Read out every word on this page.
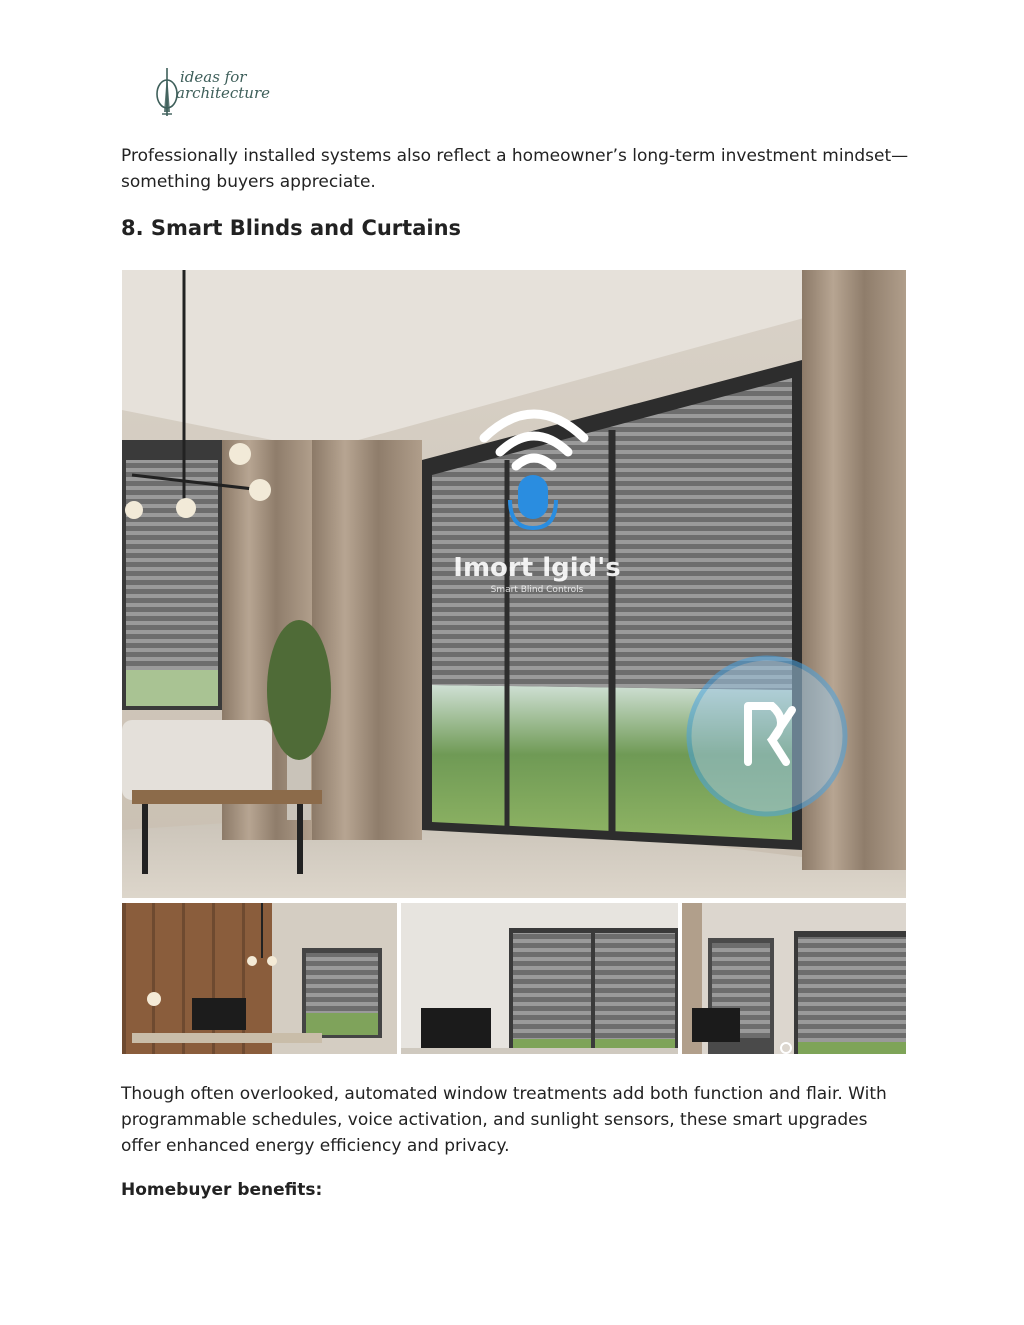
ideas for
architecture

Professionally installed systems also reflect a homeowner’s long-term investment mindset—something buyers appreciate.

8. Smart Blinds and Curtains
Imort lgid's
Smart Blind Controls

Though often overlooked, automated window treatments add both function and flair. With programmable schedules, voice activation, and sunlight sensors, these smart upgrades offer enhanced energy efficiency and privacy.

Homebuyer benefits:
